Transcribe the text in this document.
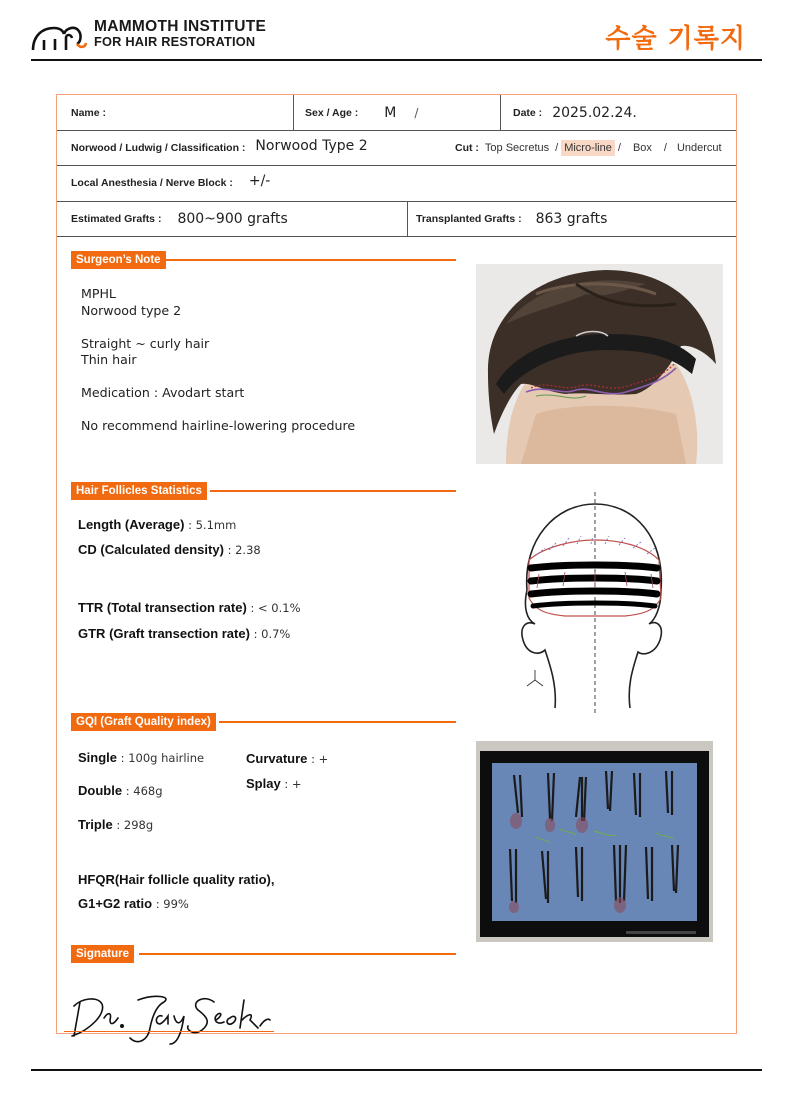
MAMMOTH INSTITUTE
FOR HAIR RESTORATION	수술 기록지
Name :	Sex / Age : M /	Date : 2025.02.24.
Norwood / Ludwig / Classification : Norwood Type 2	Cut : Top Secretus / Micro-line / Box / Undercut
Local Anesthesia / Nerve Block : +/-
Estimated Grafts : 800~900 grafts	Transplanted Grafts : 863 grafts
Surgeon’s Note
MPHL
Norwood type 2
Straight ~ curly hair
Thin hair
Medication : Avodart start
No recommend hairline-lowering procedure
Hair Follicles Statistics
Length (Average) : 5.1mm
CD (Calculated density) : 2.38
TTR (Total transection rate) : < 0.1%
GTR (Graft transection rate) : 0.7%
GQI (Graft Quality index)
Single : 100g hairline
Double : 468g
Triple : 298g
Curvature : +
Splay : +
HFQR(Hair follicle quality ratio),
G1+G2 ratio : 99%
Signature
